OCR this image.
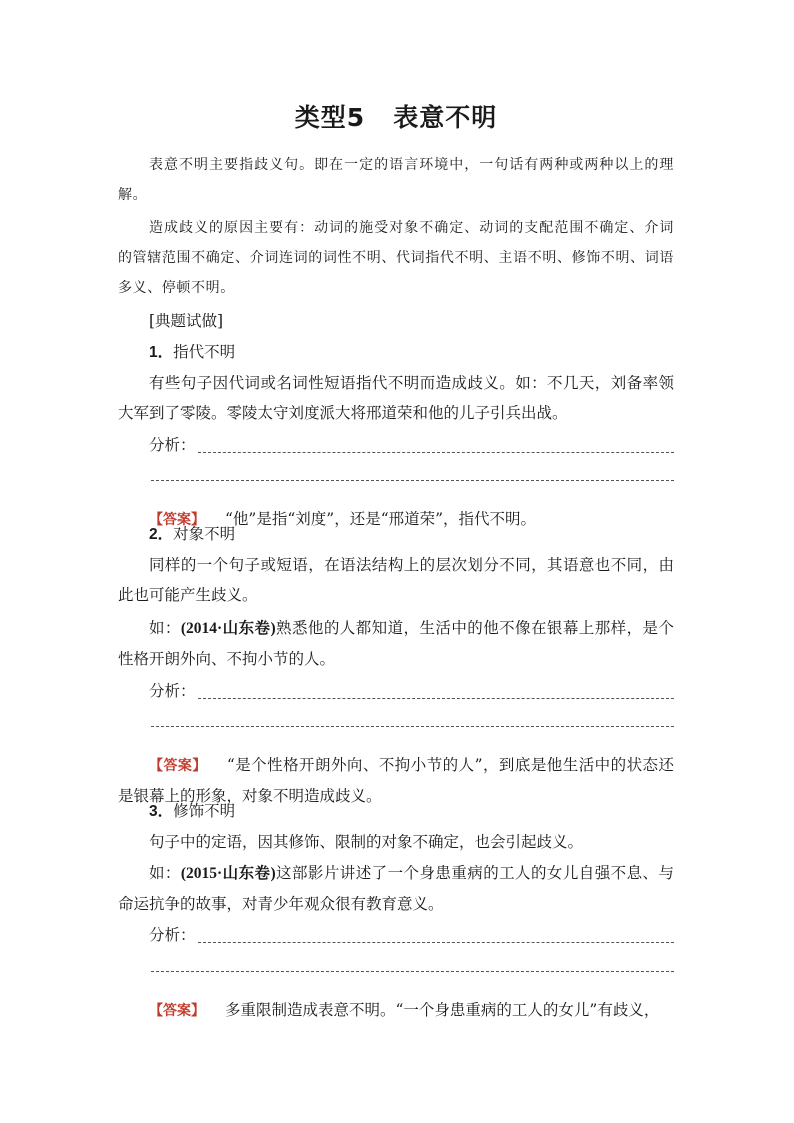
类型5 表意不明

表意不明主要指歧义句。即在一定的语言环境中，一句话有两种或两种以上的理解。

造成歧义的原因主要有：动词的施受对象不确定、动词的支配范围不确定、介词的管辖范围不确定、介词连词的词性不明、代词指代不明、主语不明、修饰不明、词语多义、停顿不明。

[典题试做]

1．指代不明

有些句子因代词或名词性短语指代不明而造成歧义。如：不几天，刘备率领大军到了零陵。零陵太守刘度派大将邢道荣和他的儿子引兵出战。

分析：

【答案】 “他”是指“刘度”，还是“邢道荣”，指代不明。

2．对象不明

同样的一个句子或短语，在语法结构上的层次划分不同，其语意也不同，由此也可能产生歧义。

如：(2014·山东卷)熟悉他的人都知道，生活中的他不像在银幕上那样，是个性格开朗外向、不拘小节的人。

分析：

【答案】 “是个性格开朗外向、不拘小节的人”，到底是他生活中的状态还是银幕上的形象，对象不明造成歧义。

3．修饰不明

句子中的定语，因其修饰、限制的对象不确定，也会引起歧义。

如：(2015·山东卷)这部影片讲述了一个身患重病的工人的女儿自强不息、与命运抗争的故事，对青少年观众很有教育意义。

分析：

【答案】 多重限制造成表意不明。“一个身患重病的工人的女儿”有歧义，
